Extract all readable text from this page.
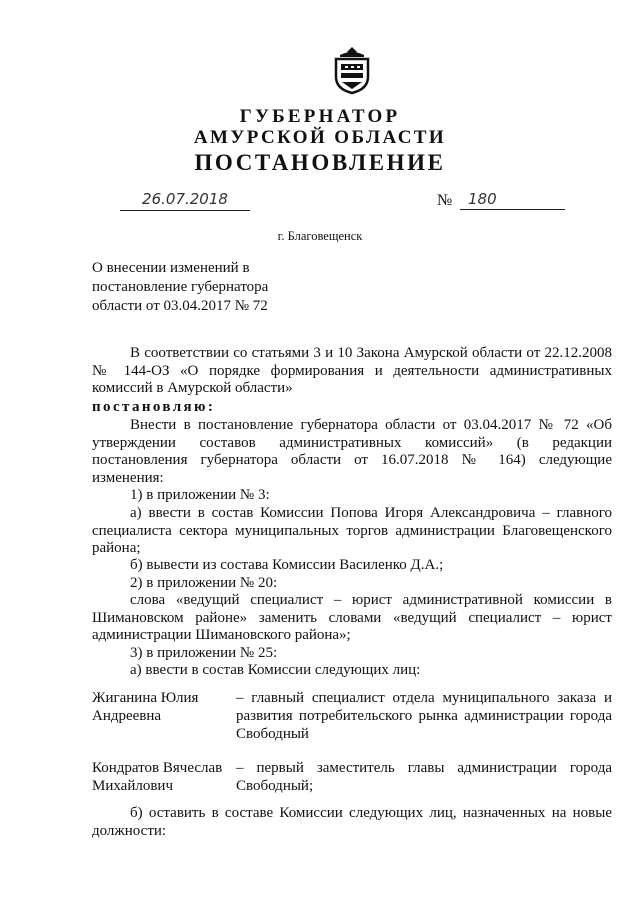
ГУБЕРНАТОР
АМУРСКОЙ ОБЛАСТИ
ПОСТАНОВЛЕНИЕ
26.07.2018	№	180
г. Благовещенск
О внесении изменений в постановление губернатора области от 03.04.2017 № 72
В соответствии со статьями 3 и 10 Закона Амурской области от 22.12.2008 № 144-ОЗ «О порядке формирования и деятельности административных комиссий в Амурской области»
постановляю:
Внести в постановление губернатора области от 03.04.2017 № 72 «Об утверждении составов административных комиссий» (в редакции постановления губернатора области от 16.07.2018 № 164) следующие изменения:
1) в приложении № 3:
а) ввести в состав Комиссии Попова Игоря Александровича – главного специалиста сектора муниципальных торгов администрации Благовещенского района;
б) вывести из состава Комиссии Василенко Д.А.;
2) в приложении № 20:
слова «ведущий специалист – юрист административной комиссии в Шимановском районе» заменить словами «ведущий специалист – юрист администрации Шимановского района»;
3) в приложении № 25:
а) ввести в состав Комиссии следующих лиц:
Жиганина Юлия Андреевна
– главный специалист отдела муниципального заказа и развития потребительского рынка администрации города Свободный
Кондратов Вячеслав Михайлович
– первый заместитель главы администрации города Свободный;
б) оставить в составе Комиссии следующих лиц, назначенных на новые должности:
